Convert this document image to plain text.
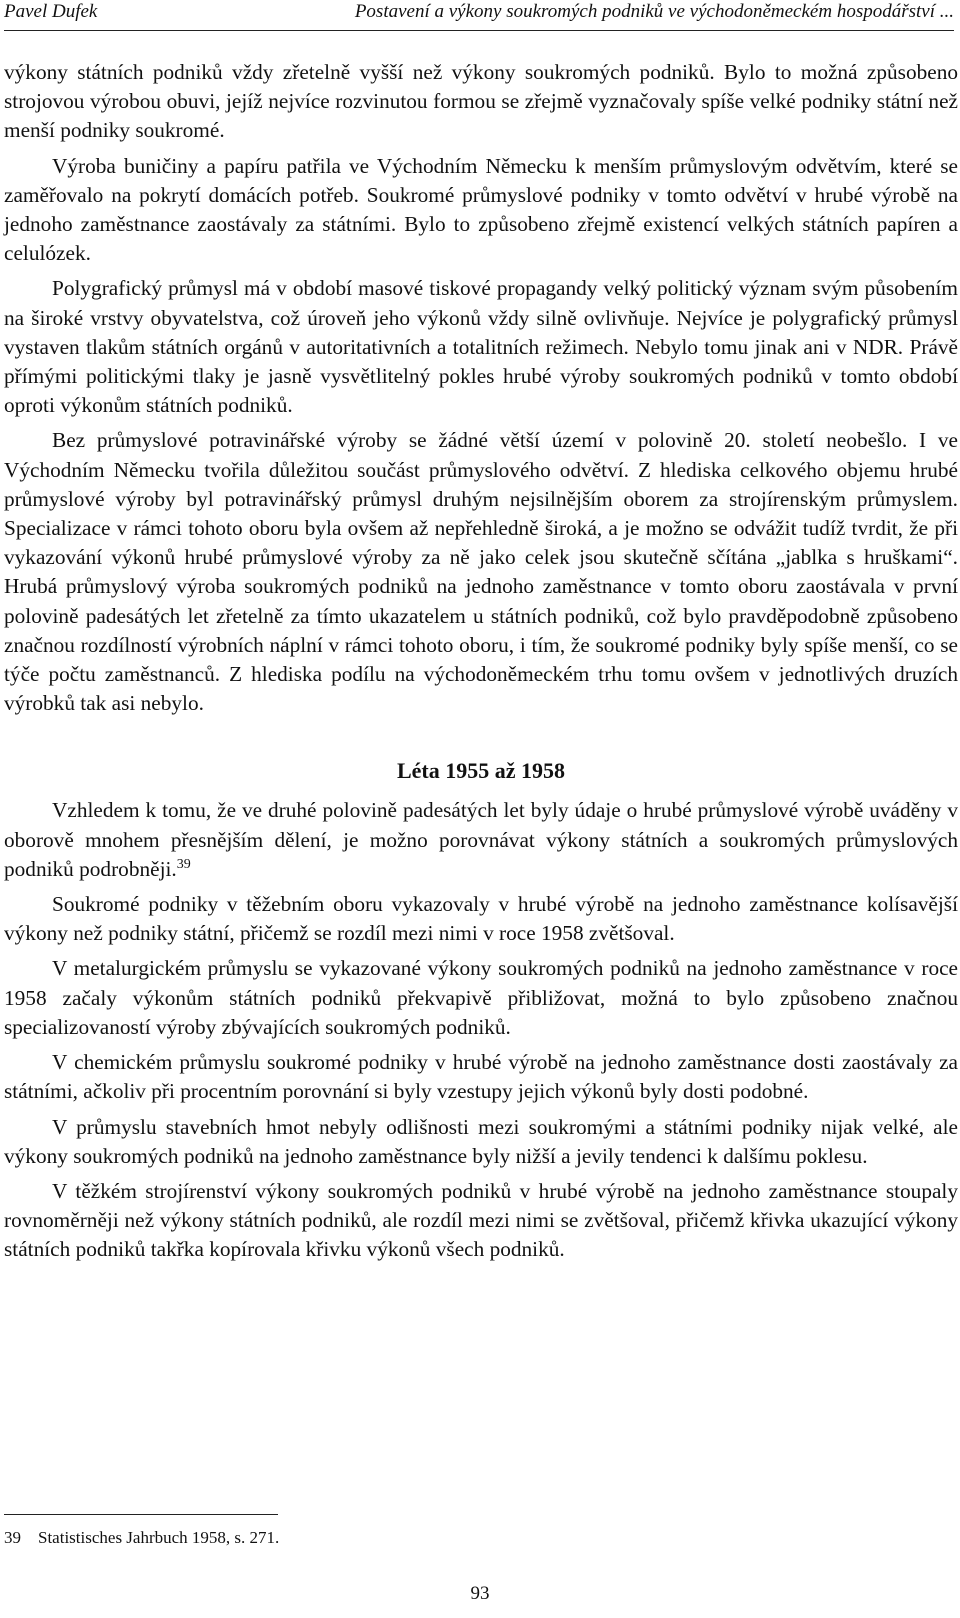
Pavel Dufek	Postavení a výkony soukromých podniků ve východoněmeckém hospodářství ...

výkony státních podniků vždy zřetelně vyšší než výkony soukromých podniků. Bylo to možná způsobeno strojovou výrobou obuvi, jejíž nejvíce rozvinutou formou se zřejmě vyznačovaly spíše velké podniky státní než menší podniky soukromé.

Výroba buničiny a papíru patřila ve Východním Německu k menším průmyslovým odvětvím, které se zaměřovalo na pokrytí domácích potřeb. Soukromé průmyslové podniky v tomto odvětví v hrubé výrobě na jednoho zaměstnance zaostávaly za státními. Bylo to způsobeno zřejmě existencí velkých státních papíren a celulózek.

Polygrafický průmysl má v období masové tiskové propagandy velký politický význam svým působením na široké vrstvy obyvatelstva, což úroveň jeho výkonů vždy silně ovlivňuje. Nejvíce je polygrafický průmysl vystaven tlakům státních orgánů v autoritativních a totalitních režimech. Nebylo tomu jinak ani v NDR. Právě přímými politickými tlaky je jasně vysvětlitelný pokles hrubé výroby soukromých podniků v tomto období oproti výkonům státních podniků.

Bez průmyslové potravinářské výroby se žádné větší území v polovině 20. století neobešlo. I ve Východním Německu tvořila důležitou součást průmyslového odvětví. Z hlediska celkového objemu hrubé průmyslové výroby byl potravinářský průmysl druhým nejsilnějším oborem za strojírenským průmyslem. Specializace v rámci tohoto oboru byla ovšem až nepřehledně široká, a je možno se odvážit tudíž tvrdit, že při vykazování výkonů hrubé průmyslové výroby za ně jako celek jsou skutečně sčítána „jablka s hruškami“. Hrubá průmyslový výroba soukromých podniků na jednoho zaměstnance v tomto oboru zaostávala v první polovině padesátých let zřetelně za tímto ukazatelem u státních podniků, což bylo pravděpodobně způsobeno značnou rozdílností výrobních náplní v rámci tohoto oboru, i tím, že soukromé podniky byly spíše menší, co se týče počtu zaměstnanců. Z hlediska podílu na východoněmeckém trhu tomu ovšem v jednotlivých druzích výrobků tak asi nebylo.

Léta 1955 až 1958

Vzhledem k tomu, že ve druhé polovině padesátých let byly údaje o hrubé průmyslové výrobě uváděny v oborově mnohem přesnějším dělení, je možno porovnávat výkony státních a soukromých průmyslových podniků podrobněji.$^{39}$

Soukromé podniky v těžebním oboru vykazovaly v hrubé výrobě na jednoho zaměstnance kolísavější výkony než podniky státní, přičemž se rozdíl mezi nimi v roce 1958 zvětšoval.

V metalurgickém průmyslu se vykazované výkony soukromých podniků na jednoho zaměstnance v roce 1958 začaly výkonům státních podniků překvapivě přibližovat, možná to bylo způsobeno značnou specializovaností výroby zbývajících soukromých podniků.

V chemickém průmyslu soukromé podniky v hrubé výrobě na jednoho zaměstnance dosti zaostávaly za státními, ačkoliv při procentním porovnání si byly vzestupy jejich výkonů byly dosti podobné.

V průmyslu stavebních hmot nebyly odlišnosti mezi soukromými a státními podniky nijak velké, ale výkony soukromých podniků na jednoho zaměstnance byly nižší a jevily tendenci k dalšímu poklesu.

V těžkém strojírenství výkony soukromých podniků v hrubé výrobě na jednoho zaměstnance stoupaly rovnoměrněji než výkony státních podniků, ale rozdíl mezi nimi se zvětšoval, přičemž křivka ukazující výkony státních podniků takřka kopírovala křivku výkonů všech podniků.

39 Statistisches Jahrbuch 1958, s. 271.
93
